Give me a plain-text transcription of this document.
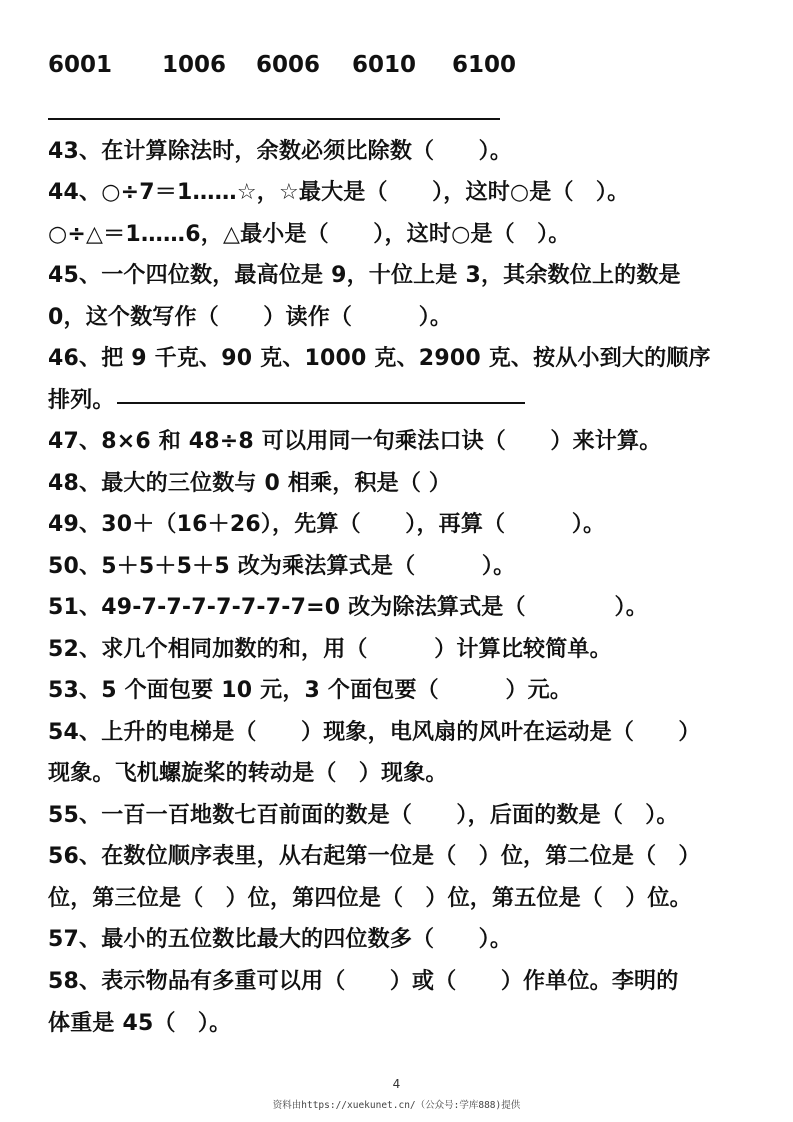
6001 1006 6006 6010 6100
43、在计算除法时，余数必须比除数（　　）。
44、○÷7＝1……☆，☆最大是（　　），这时○是（　）。
○÷△＝1……6，△最小是（　　），这时○是（　）。
45、一个四位数，最高位是 9，十位上是 3，其余数位上的数是
0，这个数写作（　　）读作（　　　）。
46、把 9 千克、90 克、1000 克、2900 克、按从小到大的顺序
排列。
47、8×6 和 48÷8 可以用同一句乘法口诀（　　）来计算。
48、最大的三位数与 0 相乘，积是（ ）
49、30＋（16＋26），先算（　　），再算（　　　）。
50、5＋5＋5＋5 改为乘法算式是（　　　）。
51、49-7-7-7-7-7-7-7=0 改为除法算式是（　　　　）。
52、求几个相同加数的和，用（　　　）计算比较简单。
53、5 个面包要 10 元，3 个面包要（　　　）元。
54、上升的电梯是（　　）现象，电风扇的风叶在运动是（　　）
现象。飞机螺旋桨的转动是（　）现象。
55、一百一百地数七百前面的数是（　　），后面的数是（　）。
56、在数位顺序表里，从右起第一位是（　）位，第二位是（　）
位，第三位是（　）位，第四位是（　）位，第五位是（　）位。
57、最小的五位数比最大的四位数多（　　）。
58、表示物品有多重可以用（　　）或（　　）作单位。李明的
体重是 45（　）。
4
资料由https://xuekunet.cn/（公众号:学库888)提供
